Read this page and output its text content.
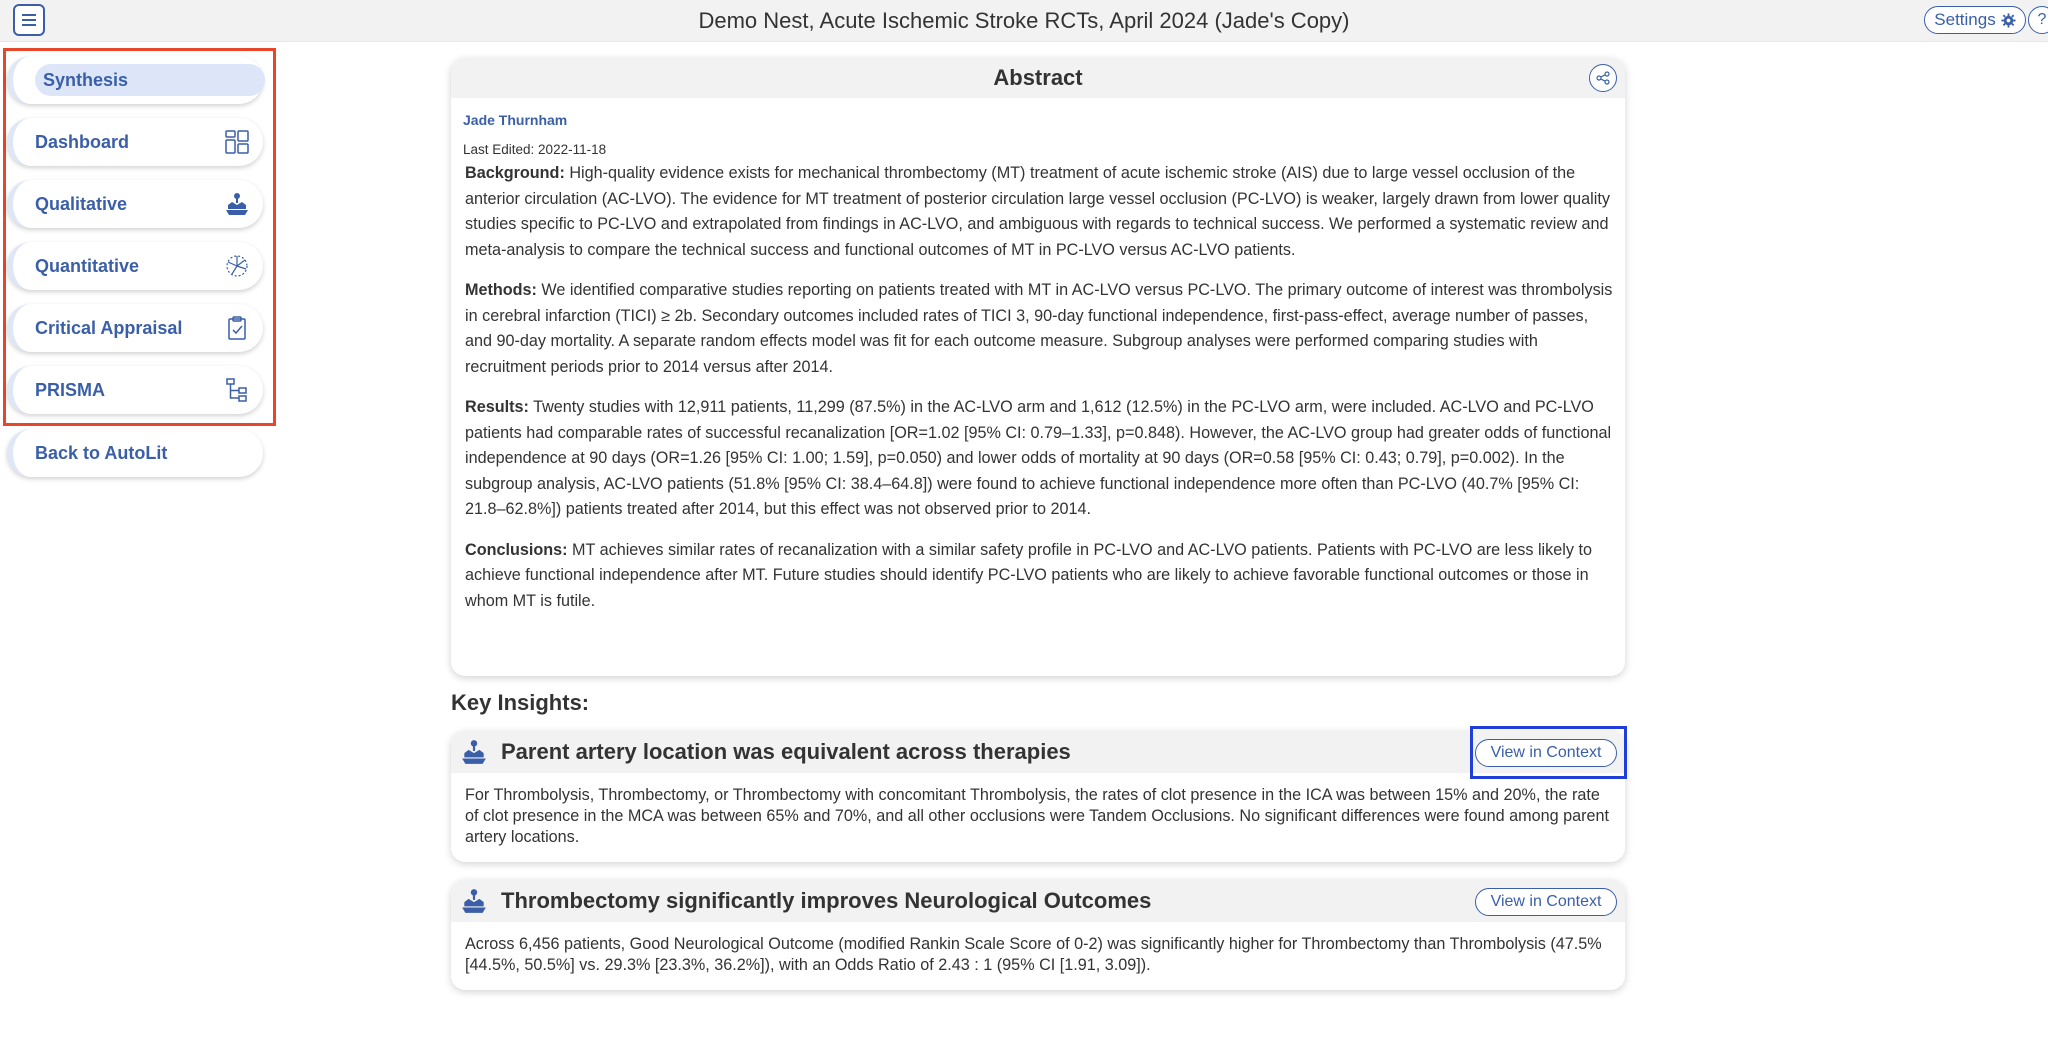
Demo Nest, Acute Ischemic Stroke RCTs, April 2024 (Jade's Copy)	Settings	?
Synthesis
Dashboard
Qualitative
Quantitative
Critical Appraisal
PRISMA
Back to AutoLit
Abstract
Jade Thurnham
Last Edited: 2022-11-18

Background: High-quality evidence exists for mechanical thrombectomy (MT) treatment of acute ischemic stroke (AIS) due to large vessel occlusion of the anterior circulation (AC-LVO). The evidence for MT treatment of posterior circulation large vessel occlusion (PC-LVO) is weaker, largely drawn from lower quality studies specific to PC-LVO and extrapolated from findings in AC-LVO, and ambiguous with regards to technical success. We performed a systematic review and meta-analysis to compare the technical success and functional outcomes of MT in PC-LVO versus AC-LVO patients.

Methods: We identified comparative studies reporting on patients treated with MT in AC-LVO versus PC-LVO. The primary outcome of interest was thrombolysis in cerebral infarction (TICI) ≥ 2b. Secondary outcomes included rates of TICI 3, 90-day functional independence, first-pass-effect, average number of passes, and 90-day mortality. A separate random effects model was fit for each outcome measure. Subgroup analyses were performed comparing studies with recruitment periods prior to 2014 versus after 2014.

Results: Twenty studies with 12,911 patients, 11,299 (87.5%) in the AC-LVO arm and 1,612 (12.5%) in the PC-LVO arm, were included. AC-LVO and PC-LVO patients had comparable rates of successful recanalization [OR=1.02 [95% CI: 0.79–1.33], p=0.848). However, the AC-LVO group had greater odds of functional independence at 90 days (OR=1.26 [95% CI: 1.00; 1.59], p=0.050) and lower odds of mortality at 90 days (OR=0.58 [95% CI: 0.43; 0.79], p=0.002). In the subgroup analysis, AC-LVO patients (51.8% [95% CI: 38.4–64.8]) were found to achieve functional independence more often than PC-LVO (40.7% [95% CI: 21.8–62.8%]) patients treated after 2014, but this effect was not observed prior to 2014.

Conclusions: MT achieves similar rates of recanalization with a similar safety profile in PC-LVO and AC-LVO patients. Patients with PC-LVO are less likely to achieve functional independence after MT. Future studies should identify PC-LVO patients who are likely to achieve favorable functional outcomes or those in whom MT is futile.

Key Insights:
Parent artery location was equivalent across therapies	View in Context
For Thrombolysis, Thrombectomy, or Thrombectomy with concomitant Thrombolysis, the rates of clot presence in the ICA was between 15% and 20%, the rate of clot presence in the MCA was between 65% and 70%, and all other occlusions were Tandem Occlusions. No significant differences were found among parent artery locations.
Thrombectomy significantly improves Neurological Outcomes	View in Context
Across 6,456 patients, Good Neurological Outcome (modified Rankin Scale Score of 0-2) was significantly higher for Thrombectomy than Thrombolysis (47.5% [44.5%, 50.5%] vs. 29.3% [23.3%, 36.2%]), with an Odds Ratio of 2.43 : 1 (95% CI [1.91, 3.09]).
